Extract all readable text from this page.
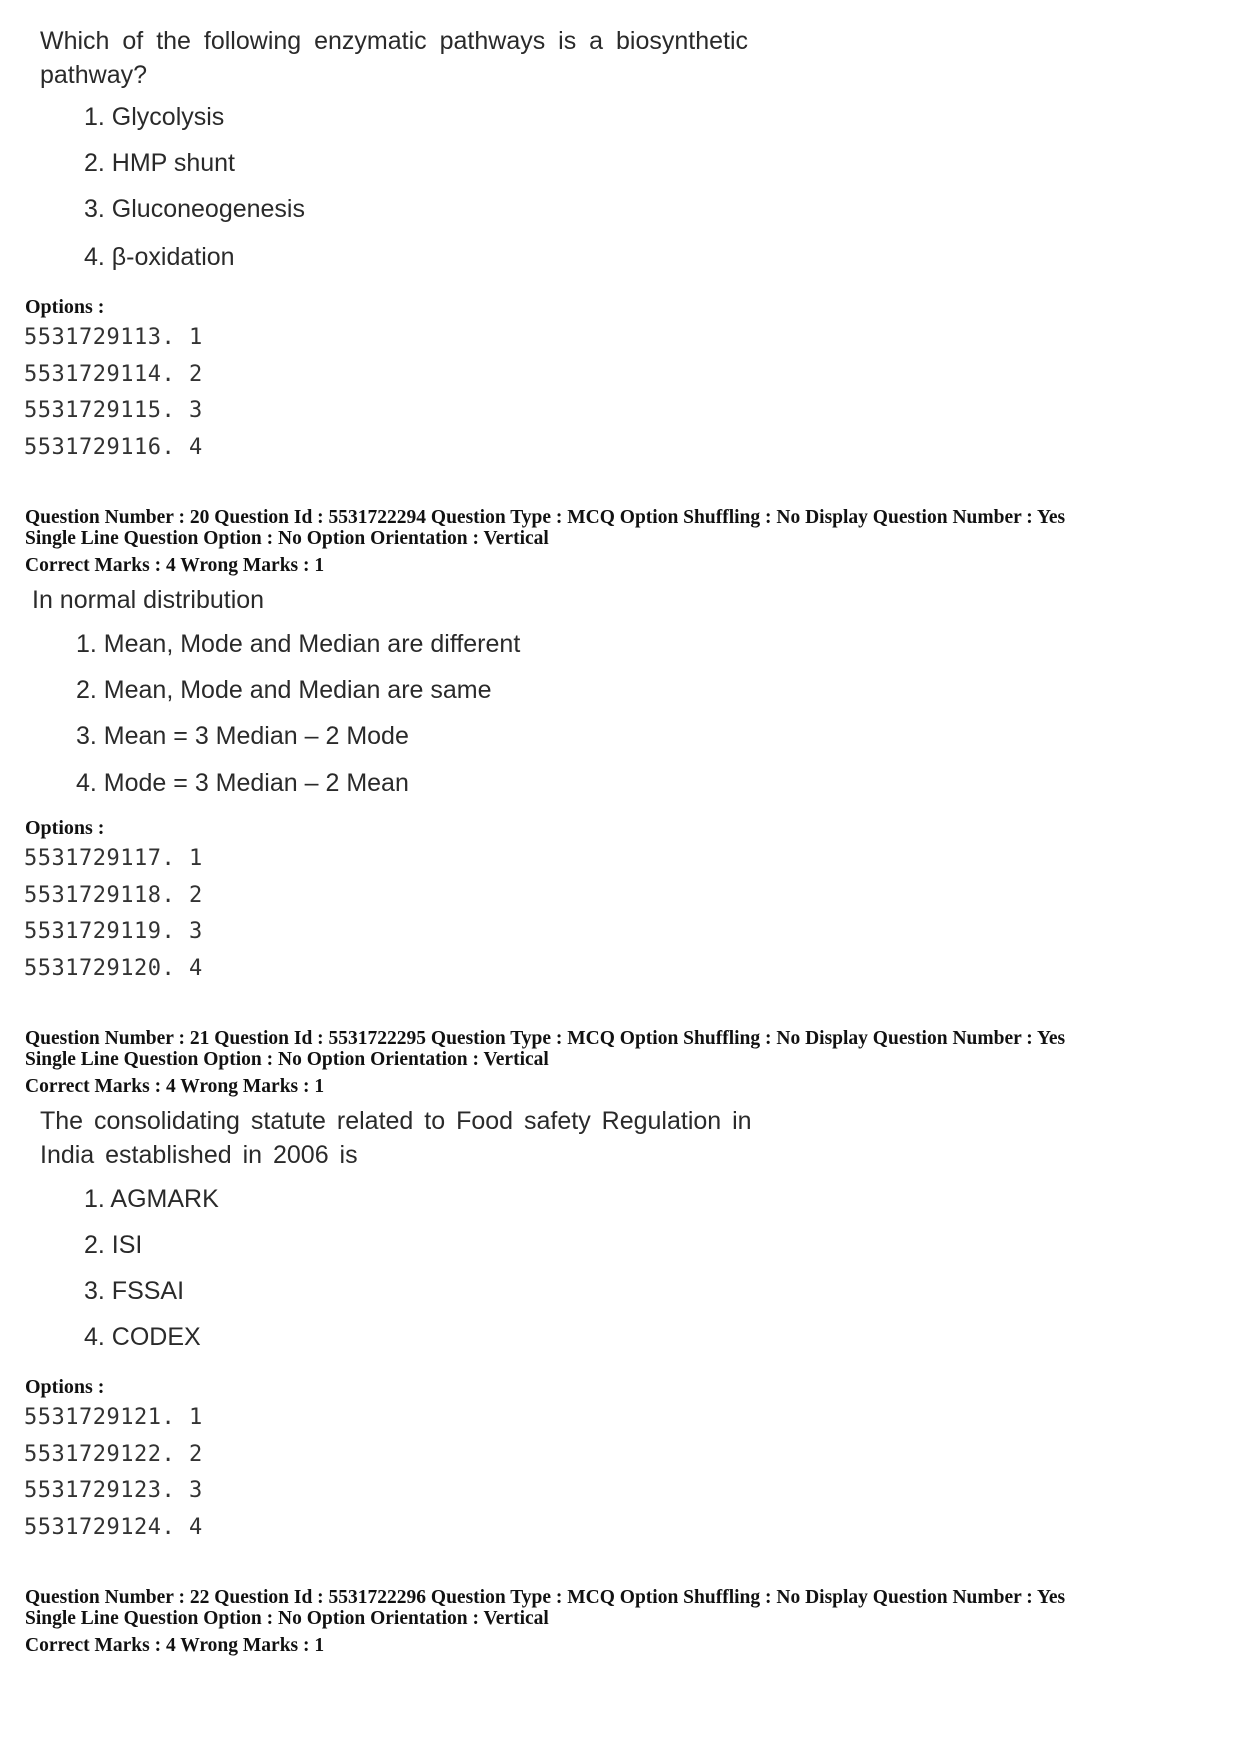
Which of the following enzymatic pathways is a biosynthetic
pathway?
1. Glycolysis
2. HMP shunt
3. Gluconeogenesis
4. β-oxidation
Options :
5531729113. 1
5531729114. 2
5531729115. 3
5531729116. 4
Question Number : 20 Question Id : 5531722294 Question Type : MCQ Option Shuffling : No Display Question Number : Yes
Single Line Question Option : No Option Orientation : Vertical
Correct Marks : 4 Wrong Marks : 1
In normal distribution
1. Mean, Mode and Median are different
2. Mean, Mode and Median are same
3. Mean = 3 Median – 2 Mode
4. Mode = 3 Median – 2 Mean
Options :
5531729117. 1
5531729118. 2
5531729119. 3
5531729120. 4
Question Number : 21 Question Id : 5531722295 Question Type : MCQ Option Shuffling : No Display Question Number : Yes
Single Line Question Option : No Option Orientation : Vertical
Correct Marks : 4 Wrong Marks : 1
The consolidating statute related to Food safety Regulation in
India established in 2006 is
1. AGMARK
2. ISI
3. FSSAI
4. CODEX
Options :
5531729121. 1
5531729122. 2
5531729123. 3
5531729124. 4
Question Number : 22 Question Id : 5531722296 Question Type : MCQ Option Shuffling : No Display Question Number : Yes
Single Line Question Option : No Option Orientation : Vertical
Correct Marks : 4 Wrong Marks : 1
